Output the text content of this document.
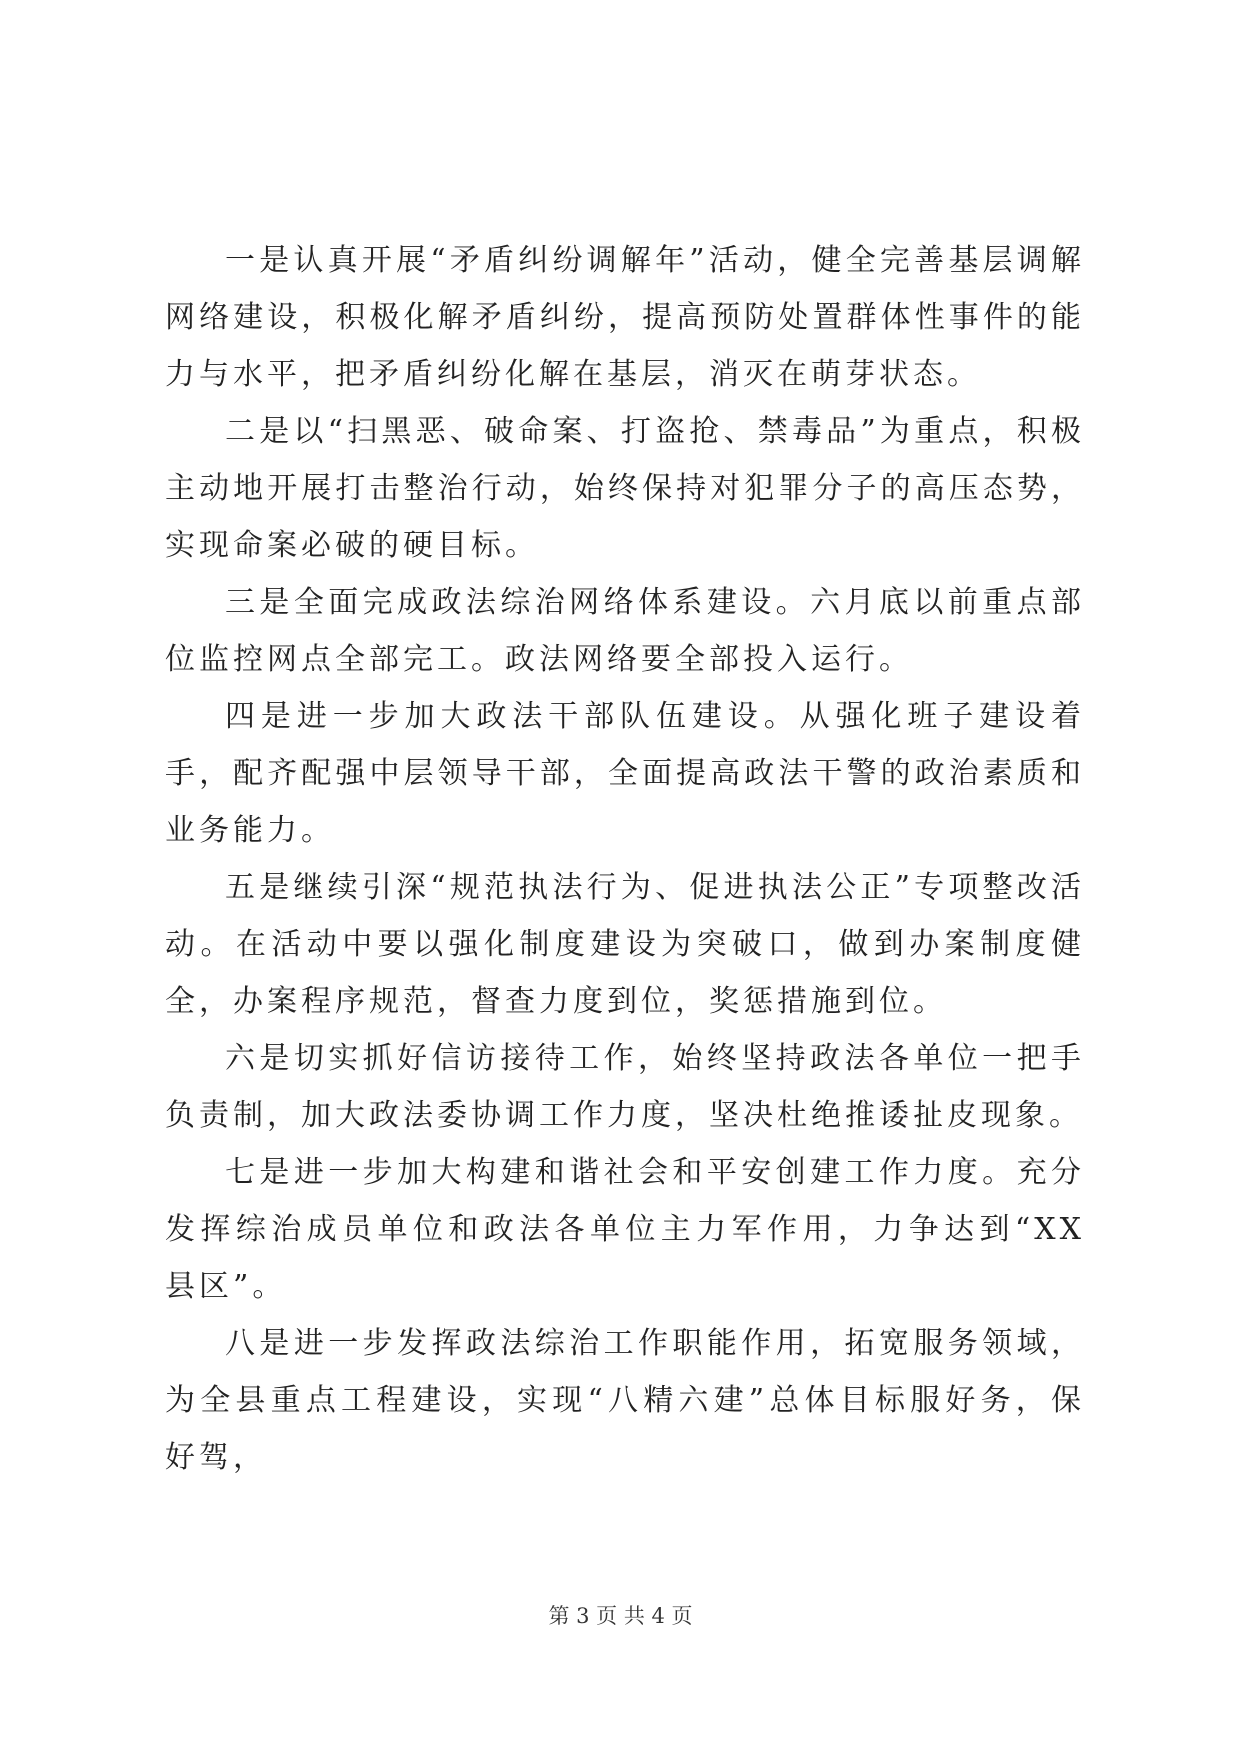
一是认真开展“矛盾纠纷调解年”活动，健全完善基层调解网络建设，积极化解矛盾纠纷，提高预防处置群体性事件的能力与水平，把矛盾纠纷化解在基层，消灭在萌芽状态。

二是以“扫黑恶、破命案、打盗抢、禁毒品”为重点，积极主动地开展打击整治行动，始终保持对犯罪分子的高压态势，实现命案必破的硬目标。

三是全面完成政法综治网络体系建设。六月底以前重点部位监控网点全部完工。政法网络要全部投入运行。

四是进一步加大政法干部队伍建设。从强化班子建设着手，配齐配强中层领导干部，全面提高政法干警的政治素质和业务能力。

五是继续引深“规范执法行为、促进执法公正”专项整改活动。在活动中要以强化制度建设为突破口，做到办案制度健全，办案程序规范，督查力度到位，奖惩措施到位。

六是切实抓好信访接待工作，始终坚持政法各单位一把手负责制，加大政法委协调工作力度，坚决杜绝推诿扯皮现象。

七是进一步加大构建和谐社会和平安创建工作力度。充分发挥综治成员单位和政法各单位主力军作用，力争达到“XX县区”。

八是进一步发挥政法综治工作职能作用，拓宽服务领域，为全县重点工程建设，实现“八精六建”总体目标服好务，保好驾，

第 3 页 共 4 页
